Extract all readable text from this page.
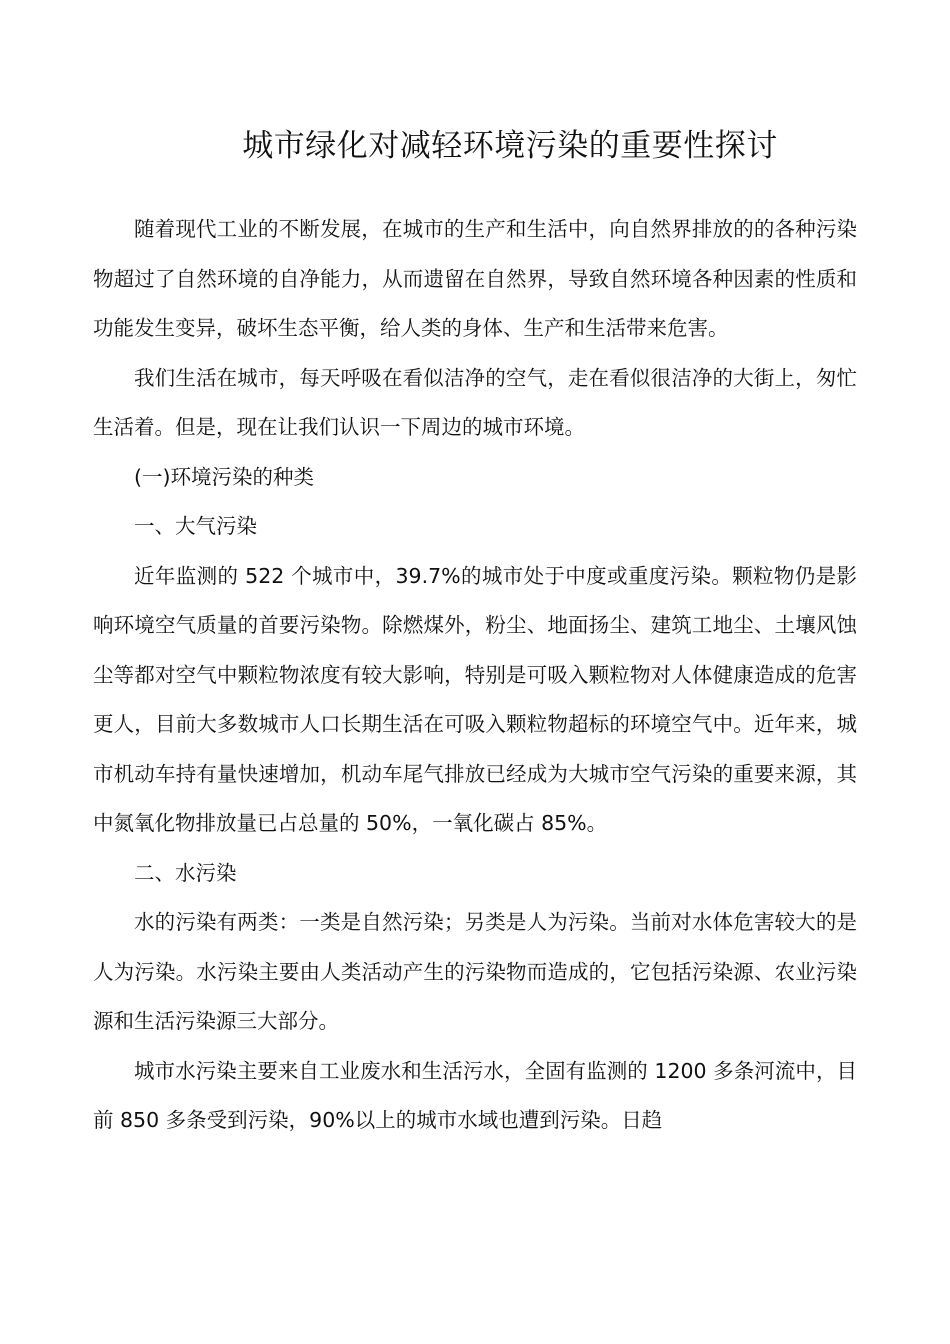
城市绿化对减轻环境污染的重要性探讨

随着现代工业的不断发展，在城市的生产和生活中，向自然界排放的的各种污染物超过了自然环境的自净能力，从而遗留在自然界，导致自然环境各种因素的性质和功能发生变异，破坏生态平衡，给人类的身体、生产和生活带来危害。

我们生活在城市，每天呼吸在看似洁净的空气，走在看似很洁净的大街上，匆忙生活着。但是，现在让我们认识一下周边的城市环境。

(一)环境污染的种类

一、大气污染

近年监测的 522 个城市中，39.7%的城市处于中度或重度污染。颗粒物仍是影响环境空气质量的首要污染物。除燃煤外，粉尘、地面扬尘、建筑工地尘、土壤风蚀尘等都对空气中颗粒物浓度有较大影响，特别是可吸入颗粒物对人体健康造成的危害更人，目前大多数城市人口长期生活在可吸入颗粒物超标的环境空气中。近年来，城市机动车持有量快速增加，机动车尾气排放已经成为大城市空气污染的重要来源，其中氮氧化物排放量已占总量的 50%，一氧化碳占 85%。

二、水污染

水的污染有两类：一类是自然污染；另类是人为污染。当前对水体危害较大的是人为污染。水污染主要由人类活动产生的污染物而造成的，它包括污染源、农业污染源和生活污染源三大部分。

城市水污染主要来自工业废水和生活污水，全固有监测的 1200 多条河流中，目前 850 多条受到污染，90%以上的城市水域也遭到污染。日趋
